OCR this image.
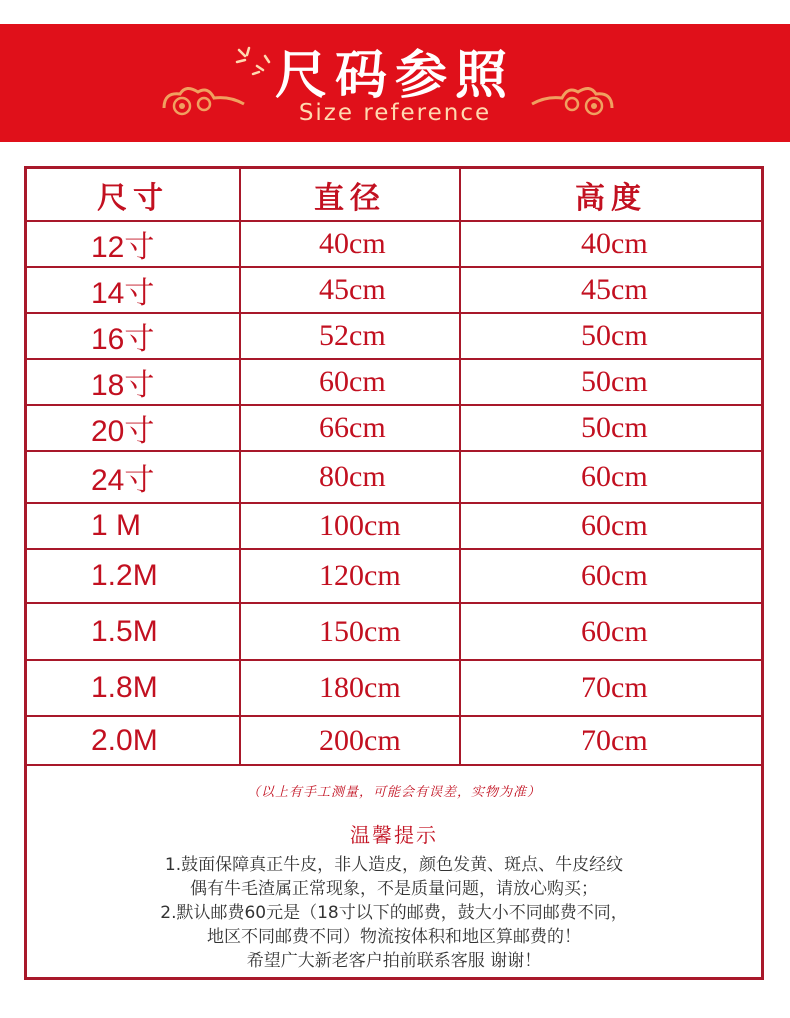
尺码参照
Size reference
尺寸	直径	高度
12寸	40cm	40cm
14寸	45cm	45cm
16寸	52cm	50cm
18寸	60cm	50cm
20寸	66cm	50cm
24寸	80cm	60cm
1 M	100cm	60cm
1.2M	120cm	60cm
1.5M	150cm	60cm
1.8M	180cm	70cm
2.0M	200cm	70cm
（以上有手工测量，可能会有误差，实物为准）
温馨提示
1.鼓面保障真正牛皮，非人造皮，颜色发黄、斑点、牛皮经纹
偶有牛毛渣属正常现象，不是质量问题，请放心购买；
2.默认邮费60元是（18寸以下的邮费，鼓大小不同邮费不同，
地区不同邮费不同）物流按体积和地区算邮费的！
希望广大新老客户拍前联系客服 谢谢！
